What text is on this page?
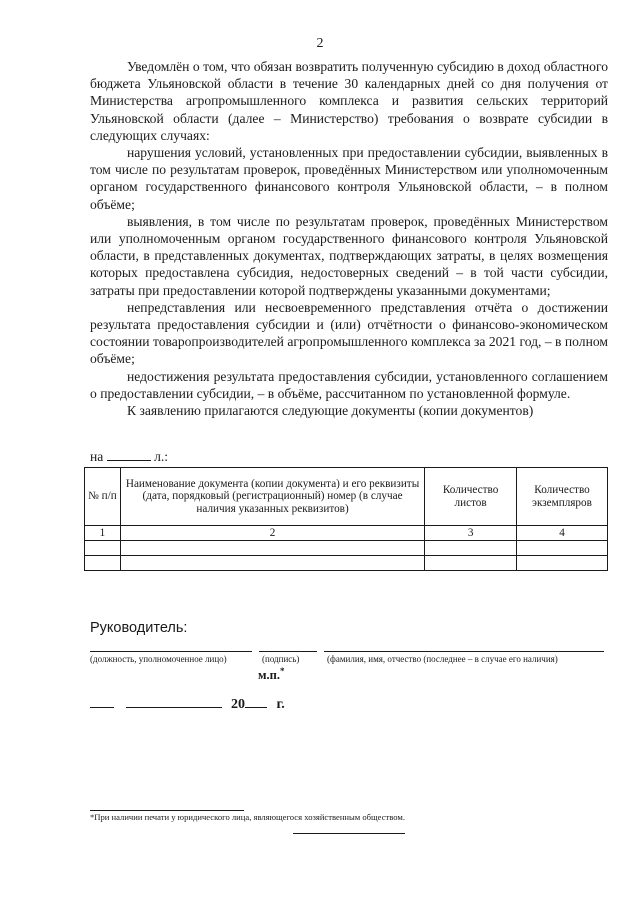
2

Уведомлён о том, что обязан возвратить полученную субсидию в доход областного бюджета Ульяновской области в течение 30 календарных дней со дня получения от Министерства агропромышленного комплекса и развития сельских территорий Ульяновской области (далее – Министерство) требования о возврате субсидии в следующих случаях:

нарушения условий, установленных при предоставлении субсидии, выявленных в том числе по результатам проверок, проведённых Министерством или уполномоченным органом государственного финансового контроля Ульяновской области, – в полном объёме;

выявления, в том числе по результатам проверок, проведённых Министерством или уполномоченным органом государственного финансового контроля Ульяновской области, в представленных документах, подтверждающих затраты, в целях возмещения которых предоставлена субсидия, недостоверных сведений – в той части субсидии, затраты при предоставлении которой подтверждены указанными документами;

непредставления или несвоевременного представления отчёта о достижении результата предоставления субсидии и (или) отчётности о финансово-экономическом состоянии товаропроизводителей агропромышленного комплекса за 2021 год, – в полном объёме;

недостижения результата предоставления субсидии, установленного соглашением о предоставлении субсидии, – в объёме, рассчитанном по установленной формуле.

К заявлению прилагаются следующие документы (копии документов)

на	л.:
№ п/п	Наименование документа (копии документа) и его реквизиты (дата, порядковый (регистрационный) номер (в случае наличия указанных реквизитов)	Количество листов	Количество экземпляров
1	2	3	4

Руководитель:
(должность, уполномоченное лицо)	(подпись)	(фамилия, имя, отчество (последнее – в случае его наличия)
м.п.*
20 г.
*При наличии печати у юридического лица, являющегося хозяйственным обществом.
